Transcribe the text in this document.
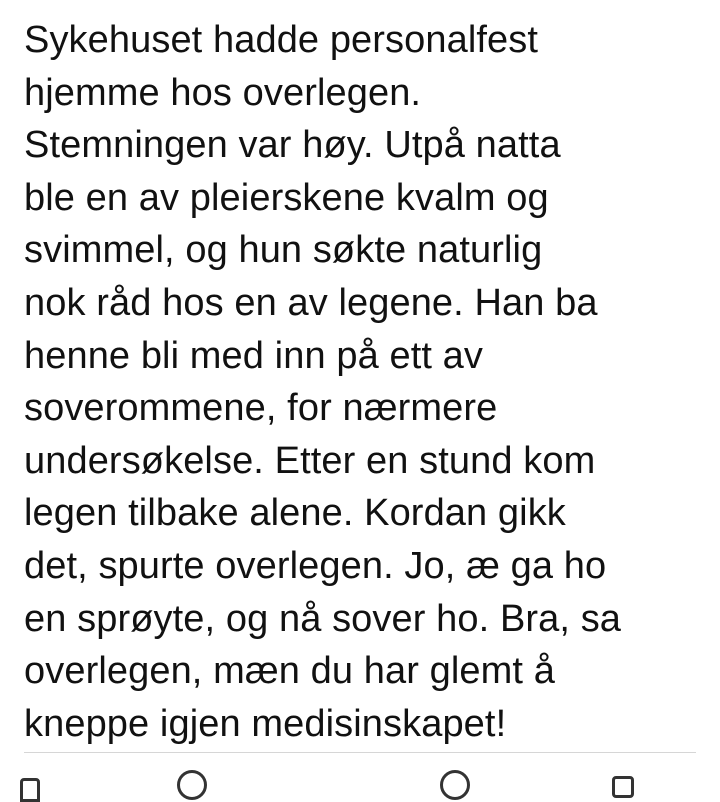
Sykehuset hadde personalfest
hjemme hos overlegen.
Stemningen var høy. Utpå natta
ble en av pleierskene kvalm og
svimmel, og hun søkte naturlig
nok råd hos en av legene. Han ba
henne bli med inn på ett av
soverommene, for nærmere
undersøkelse. Etter en stund kom
legen tilbake alene. Kordan gikk
det, spurte overlegen. Jo, æ ga ho
en sprøyte, og nå sover ho. Bra, sa
overlegen, mæn du har glemt å
kneppe igjen medisinskapet!
